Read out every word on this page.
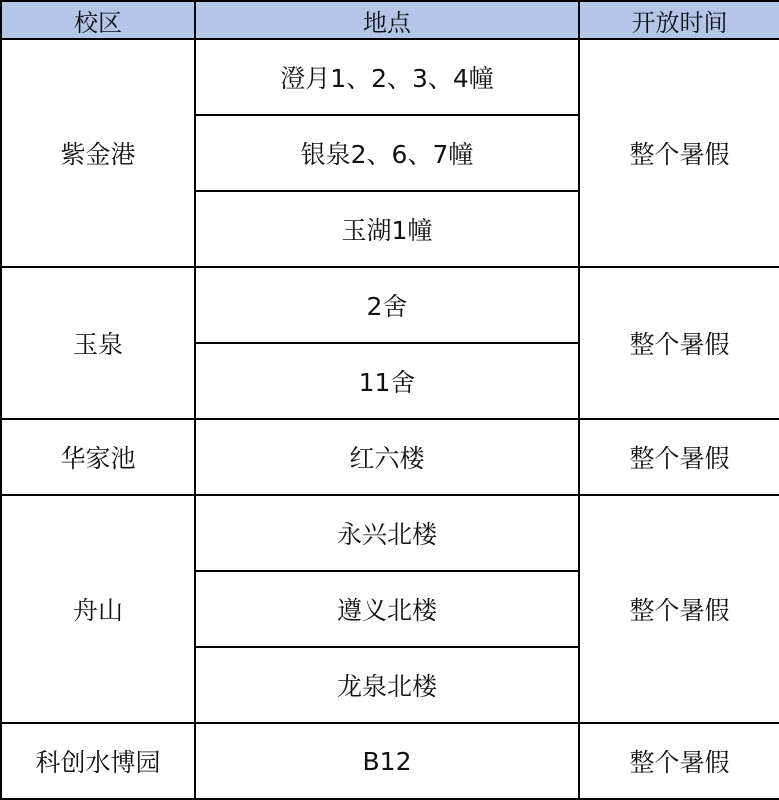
校区	地点	开放时间
紫金港	澄月1、2、3、4幢	整个暑假
	银泉2、6、7幢	
	玉湖1幢	
玉泉	2舍	整个暑假
	11舍	
华家池	红六楼	整个暑假
舟山	永兴北楼	整个暑假
	遵义北楼	
	龙泉北楼	
科创水博园	B12	整个暑假
